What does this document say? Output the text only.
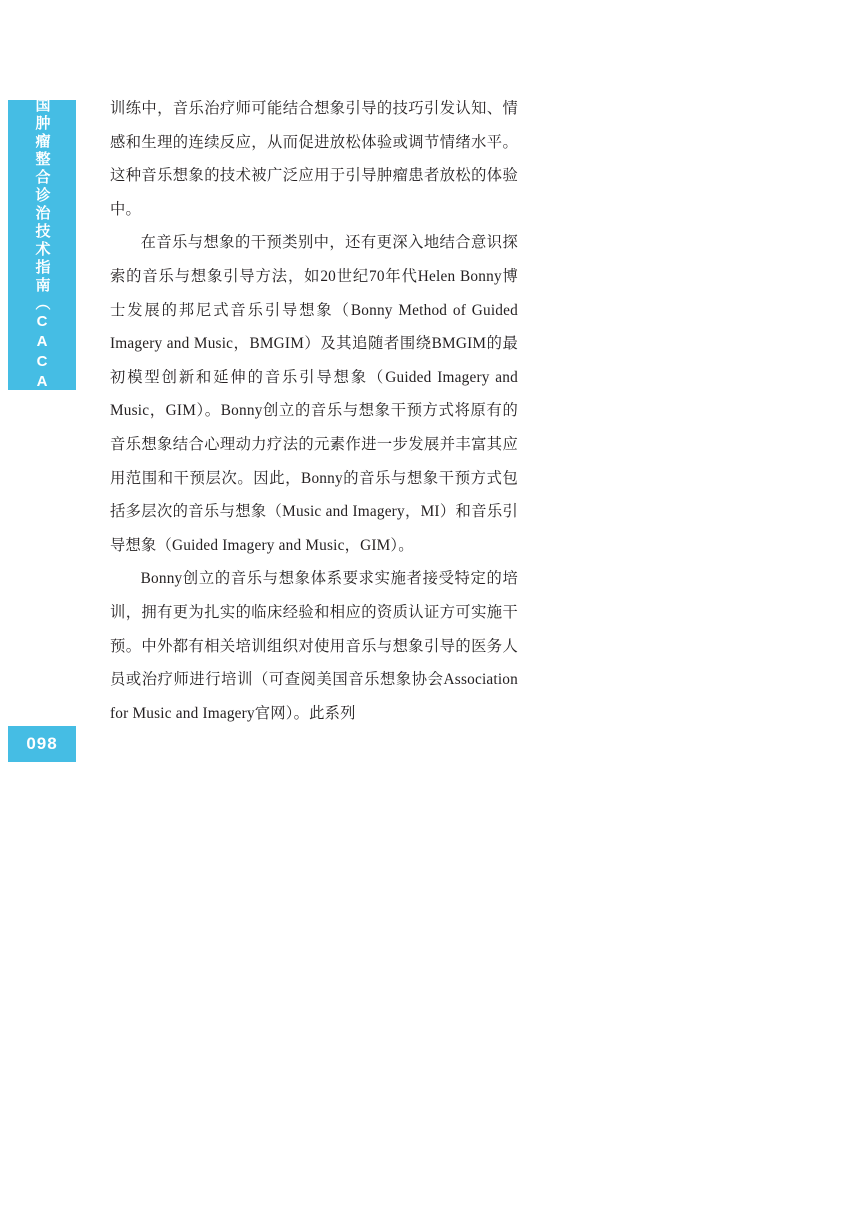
中国肿瘤整合诊治技术指南（CACA）
098

训练中，音乐治疗师可能结合想象引导的技巧引发认知、情感和生理的连续反应，从而促进放松体验或调节情绪水平。这种音乐想象的技术被广泛应用于引导肿瘤患者放松的体验中。

在音乐与想象的干预类别中，还有更深入地结合意识探索的音乐与想象引导方法，如20世纪70年代Helen Bonny博士发展的邦尼式音乐引导想象（Bonny Method of Guided Imagery and Music，BMGIM）及其追随者围绕BMGIM的最初模型创新和延伸的音乐引导想象（Guided Imagery and Music，GIM）。Bonny创立的音乐与想象干预方式将原有的音乐想象结合心理动力疗法的元素作进一步发展并丰富其应用范围和干预层次。因此，Bonny的音乐与想象干预方式包括多层次的音乐与想象（Music and Imagery，MI）和音乐引导想象（Guided Imagery and Music，GIM）。

Bonny创立的音乐与想象体系要求实施者接受特定的培训，拥有更为扎实的临床经验和相应的资质认证方可实施干预。中外都有相关培训组织对使用音乐与想象引导的医务人员或治疗师进行培训（可查阅美国音乐想象协会Association for Music and Imagery官网）。此系列
